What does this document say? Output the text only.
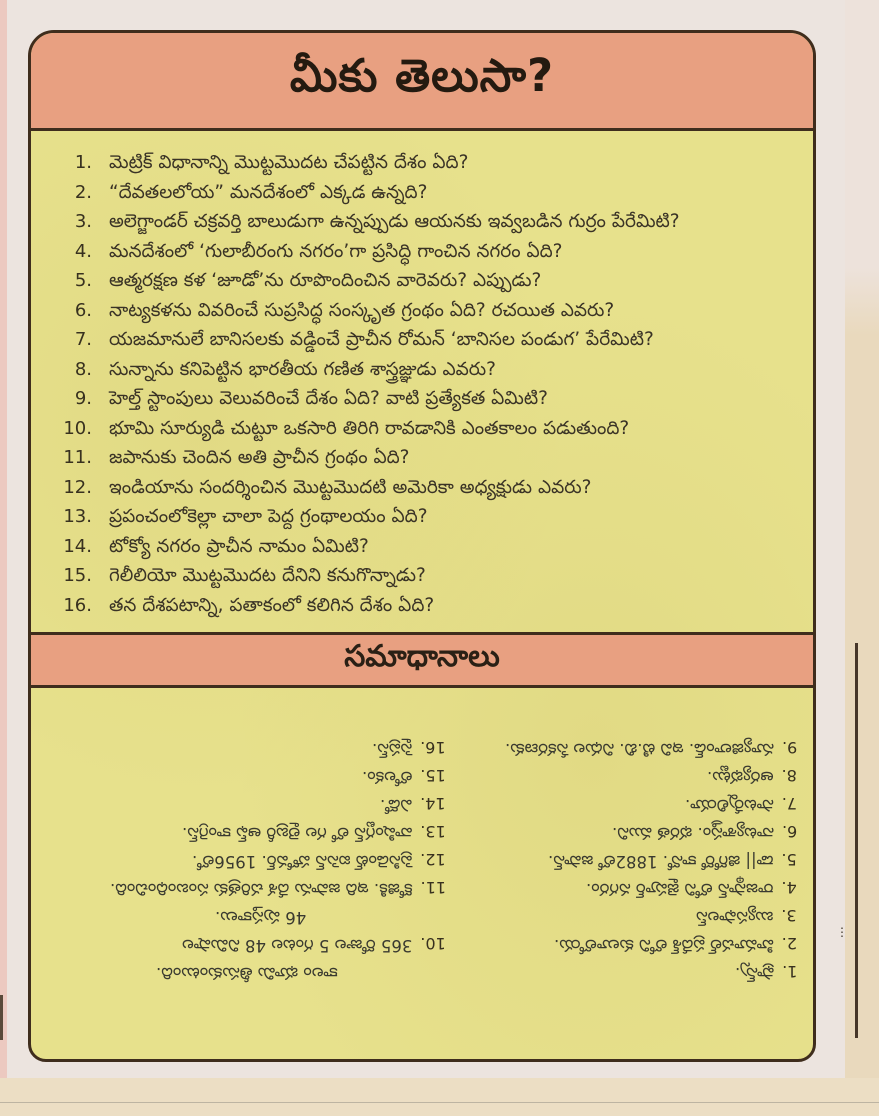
⋮
మీకు తెలుసా?
1. మెట్రిక్ విధానాన్ని మొట్టమొదట చేపట్టిన దేశం ఏది?
2. “దేవతలలోయ” మనదేశంలో ఎక్కడ ఉన్నది?
3. అలెగ్జాండర్ చక్రవర్తి బాలుడుగా ఉన్నప్పుడు ఆయనకు ఇవ్వబడిన గుర్రం పేరేమిటి?
4. మనదేశంలో ‘గులాబీరంగు నగరం’గా ప్రసిద్ధి గాంచిన నగరం ఏది?
5. ఆత్మరక్షణ కళ ‘జూడో’ను రూపొందించిన వారెవరు? ఎప్పుడు?
6. నాట్యకళను వివరించే సుప్రసిద్ధ సంస్కృత గ్రంథం ఏది? రచయిత ఎవరు?
7. యజమానులే బానిసలకు వడ్డించే ప్రాచీన రోమన్ ‘బానిసల పండుగ’ పేరేమిటి?
8. సున్నాను కనిపెట్టిన భారతీయ గణిత శాస్త్రజ్ఞుడు ఎవరు?
9. హెల్త్ స్టాంపులు వెలువరించే దేశం ఏది? వాటి ప్రత్యేకత ఏమిటి?
10. భూమి సూర్యుడి చుట్టూ ఒకసారి తిరిగి రావడానికి ఎంతకాలం పడుతుంది?
11. జపానుకు చెందిన అతి ప్రాచీన గ్రంథం ఏది?
12. ఇండియాను సందర్శించిన మొట్టమొదటి అమెరికా అధ్యక్షుడు ఎవరు?
13. ప్రపంచంలోకెల్లా చాలా పెద్ద గ్రంథాలయం ఏది?
14. టోక్యో నగరం ప్రాచీన నామం ఏమిటి?
15. గెలీలియో మొట్టమొదట దేనిని కనుగొన్నాడు?
16. తన దేశపటాన్ని, పతాకంలో కలిగిన దేశం ఏది?
సమాధానాలు
16.
సైప్రస్.
15.
లోలకం.
14.
ఎడో.
13.
వాషింగ్టన్ లో గల లైబ్రరీ ఆఫ్ కాంగ్రెస్.
12.
ప్రెసిడెంట్ ఐసెన్ హోవర్. 1956లో.
11.
కోజికి. ఇది జపాను దేశ చరిత్రకు సంబంధించింది.
46 పుస్తకాలు.
10.
365 రోజుల 5 గంటల 48 నిమిషాల
కాలం భూమి తీసుకుంటుంది.
9.
న్యూజిలాండ్. ఇవి టి.బి. నిధుల సేకరణకు.
8.
ఆర్యభట్టు.
7.
సాటర్నేలియా.
6.
నాట్యశాస్త్రం. భరత ముని.
5.
డా|| జిగోరో కానో. 1882లో జపాన్.
4.
రాజస్థాన్ లోని జైపూర్ నగరం.
3.
బ్యుసఫాలస్
2.
హిమాచల్ ప్రదేశ్ లోని కులూలోయ.
1.
ఫ్రాన్స్.
